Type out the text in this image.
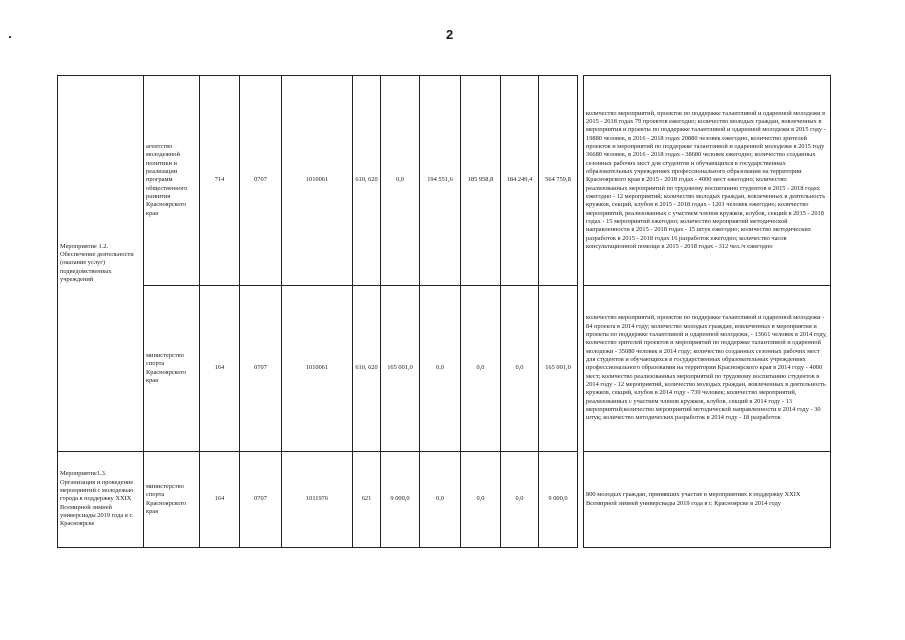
2
Мероприятие 1.2. Обеспечение деятельности (оказание услуг) подведомственных учреждений	агентство молодежной политики и реализации программ общественного развития Красноярского края	714	0707	1010061	610, 620	0,0	194 551,6	185 958,8	184 249,4	564 759,8		количество мероприятий, проектов по поддержке талантливой и одаренной молодежи в 2015 - 2018 годах 79 проектов ежегодно; количество молодых граждан, вовлеченных в мероприятия и проекты по поддержке талантливой и одаренной молодежи в 2015 году - 19880 человек, в 2016 - 2018 годах 20880 человек ежегодно, количество зрителей проектов и мероприятий по поддержке талантливой и одаренной молодежи в 2015 году 36680 человек, в 2016 - 2018 годах - 38680 человек ежегодно; количество созданных сезонных рабочих мест для студентов и обучающихся в государственных образовательных учреждениях профессионального образования на территории Красноярского края в 2015 - 2018 годах - 4000 мест ежегодно; количество реализованных мероприятий по трудовому воспитанию студентов в 2015 - 2018 годах ежегодно - 12 мероприятий; количество молодых граждан, вовлеченных в деятельность кружков, секций, клубов в 2015 - 2018 годах - 1201 человек ежегодно; количество мероприятий, реализованных с участием членов кружков, клубов, секций в 2015 - 2018 годах - 15 мероприятий ежегодно; количество мероприятий методической направленности в 2015 - 2018 годах - 15 штук ежегодно; количество методических разработок в 2015 - 2018 годах 16 разработок ежегодно; количество часов консультационной помощи в 2015 - 2018 годах - 312 чел./ч ежегодно
	министерство спорта Красноярского края	164	0707	1010061	610, 620	165 001,0	0,0	0,0	0,0	165 001,0		количество мероприятий, проектов по поддержке талантливой и одаренной молодежи - 84 проекта в 2014 году; количество молодых граждан, вовлеченных в мероприятия и проекты по поддержке талантливой и одаренной молодежи, - 13661 человек в 2014 году, количество зрителей проектов и мероприятий по поддержке талантливой и одаренной молодежи - 35080 человек в 2014 году; количество созданных сезонных рабочих мест для студентов и обучающихся в государственных образовательных учреждениях профессионального образования на территории Красноярского края в 2014 году - 4000 мест; количество реализованных мероприятий по трудовому воспитанию студентов в 2014 году - 12 мероприятий, количество молодых граждан, вовлеченных в деятельность кружков, секций, клубов в 2014 году - 730 человек; количество мероприятий, реализованных с участием членов кружков, клубов, секций в 2014 году - 13 мероприятий;количество мероприятий методической направленности в 2014 году - 30 штук; количество методических разработок в 2014 году - 18 разработок
Мероприятие1.3. Организация и проведение мероприятий с молодежью города в поддержку XXIX Всемирной зимней универсиады 2019 года в г. Красноярске	министерство спорта Красноярского края	164	0707	1011976	621	9 000,0	0,0	0,0	0,0	9 000,0		800 молодых граждан, принявших участие в мероприятиях в поддержку XXIX Всемирной зимней универсиады 2019 года в г. Красноярске в 2014 году
